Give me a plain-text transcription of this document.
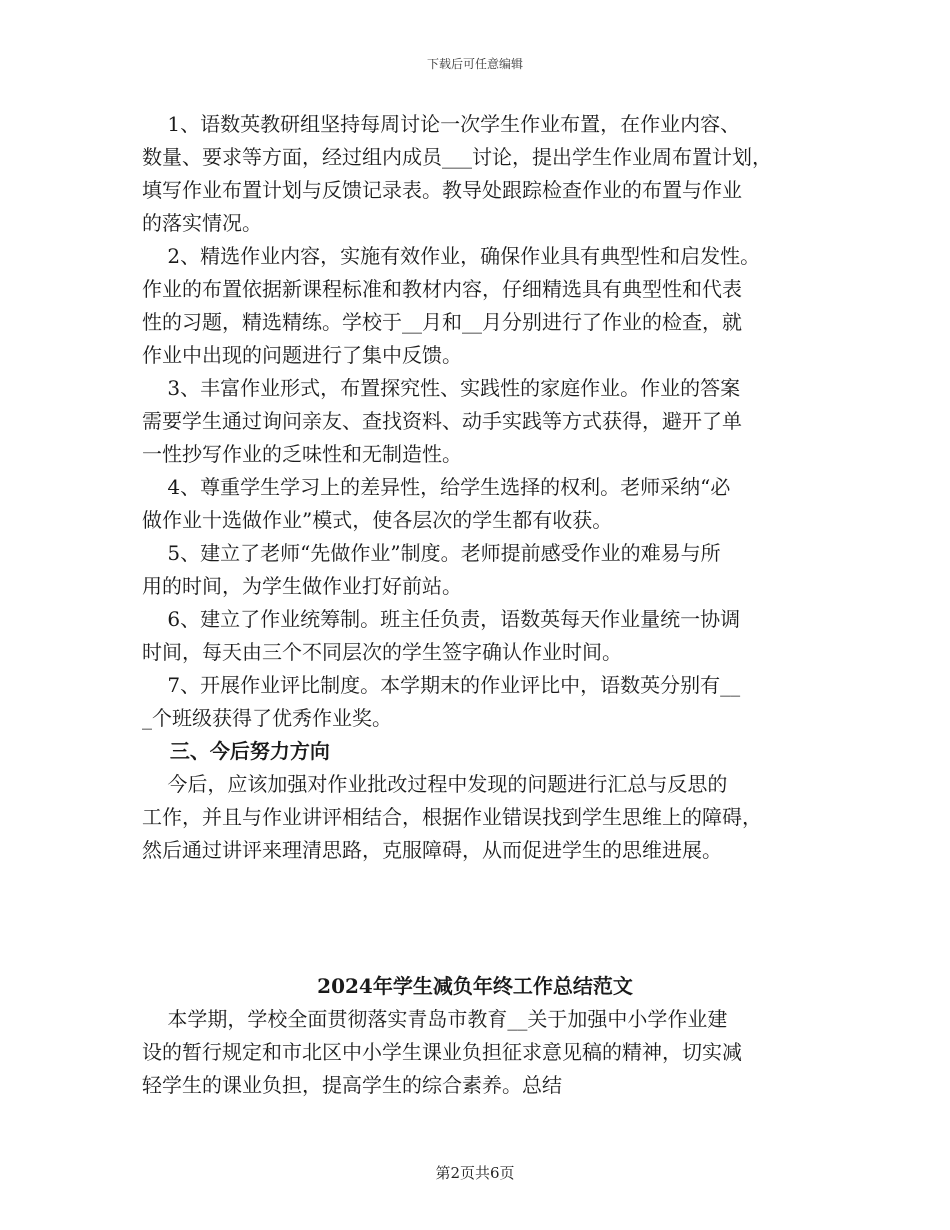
下载后可任意编辑
1、语数英教研组坚持每周讨论一次学生作业布置，在作业内容、
数量、要求等方面，经过组内成员___讨论，提出学生作业周布置计划，
填写作业布置计划与反馈记录表。教导处跟踪检查作业的布置与作业
的落实情况。
2、精选作业内容，实施有效作业，确保作业具有典型性和启发性。
作业的布置依据新课程标准和教材内容，仔细精选具有典型性和代表
性的习题，精选精练。学校于__月和__月分别进行了作业的检查，就
作业中出现的问题进行了集中反馈。
3、丰富作业形式，布置探究性、实践性的家庭作业。作业的答案
需要学生通过询问亲友、查找资料、动手实践等方式获得，避开了单
一性抄写作业的乏味性和无制造性。
4、尊重学生学习上的差异性，给学生选择的权利。老师采纳“必
做作业十选做作业”模式，使各层次的学生都有收获。
5、建立了老师“先做作业”制度。老师提前感受作业的难易与所
用的时间，为学生做作业打好前站。
6、建立了作业统筹制。班主任负责，语数英每天作业量统一协调
时间，每天由三个不同层次的学生签字确认作业时间。
7、开展作业评比制度。本学期末的作业评比中，语数英分别有__
_个班级获得了优秀作业奖。
三、今后努力方向
今后，应该加强对作业批改过程中发现的问题进行汇总与反思的
工作，并且与作业讲评相结合，根据作业错误找到学生思维上的障碍，
然后通过讲评来理清思路，克服障碍，从而促进学生的思维进展。
2024年学生减负年终工作总结范文
本学期，学校全面贯彻落实青岛市教育__关于加强中小学作业建
设的暂行规定和市北区中小学生课业负担征求意见稿的精神，切实减
轻学生的课业负担，提高学生的综合素养。总结
第2页共6页
